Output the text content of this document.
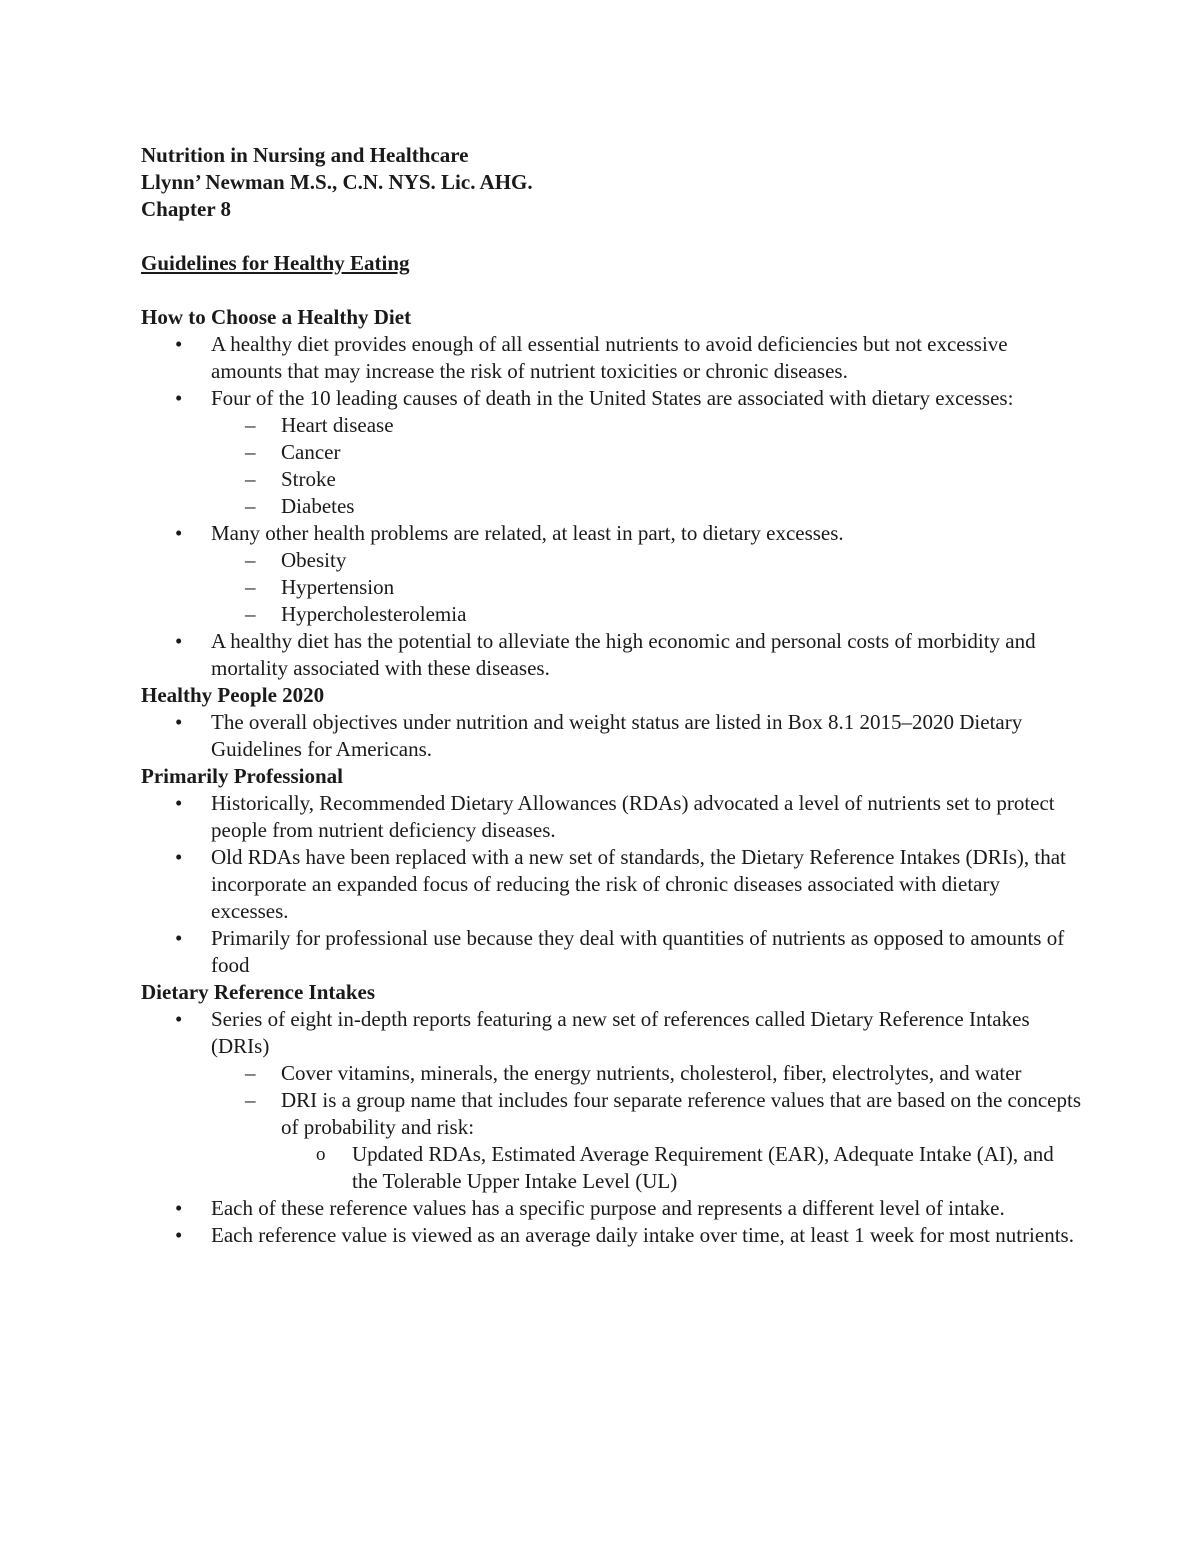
Nutrition in Nursing and Healthcare

Llynn’ Newman M.S., C.N. NYS. Lic. AHG.

Chapter 8

Guidelines for Healthy Eating

How to Choose a Healthy Diet

• A healthy diet provides enough of all essential nutrients to avoid deficiencies but not excessive amounts that may increase the risk of nutrient toxicities or chronic diseases.
• Four of the 10 leading causes of death in the United States are associated with dietary excesses:
– Heart disease
– Cancer
– Stroke
– Diabetes
• Many other health problems are related, at least in part, to dietary excesses.
– Obesity
– Hypertension
– Hypercholesterolemia
• A healthy diet has the potential to alleviate the high economic and personal costs of morbidity and mortality associated with these diseases.

Healthy People 2020

• The overall objectives under nutrition and weight status are listed in Box 8.1 2015–2020 Dietary Guidelines for Americans.

Primarily Professional

• Historically, Recommended Dietary Allowances (RDAs) advocated a level of nutrients set to protect people from nutrient deficiency diseases.
• Old RDAs have been replaced with a new set of standards, the Dietary Reference Intakes (DRIs), that incorporate an expanded focus of reducing the risk of chronic diseases associated with dietary excesses.
• Primarily for professional use because they deal with quantities of nutrients as opposed to amounts of food

Dietary Reference Intakes

• Series of eight in-depth reports featuring a new set of references called Dietary Reference Intakes (DRIs)
– Cover vitamins, minerals, the energy nutrients, cholesterol, fiber, electrolytes, and water
– DRI is a group name that includes four separate reference values that are based on the concepts of probability and risk:
o Updated RDAs, Estimated Average Requirement (EAR), Adequate Intake (AI), and the Tolerable Upper Intake Level (UL)
• Each of these reference values has a specific purpose and represents a different level of intake.
• Each reference value is viewed as an average daily intake over time, at least 1 week for most nutrients.
